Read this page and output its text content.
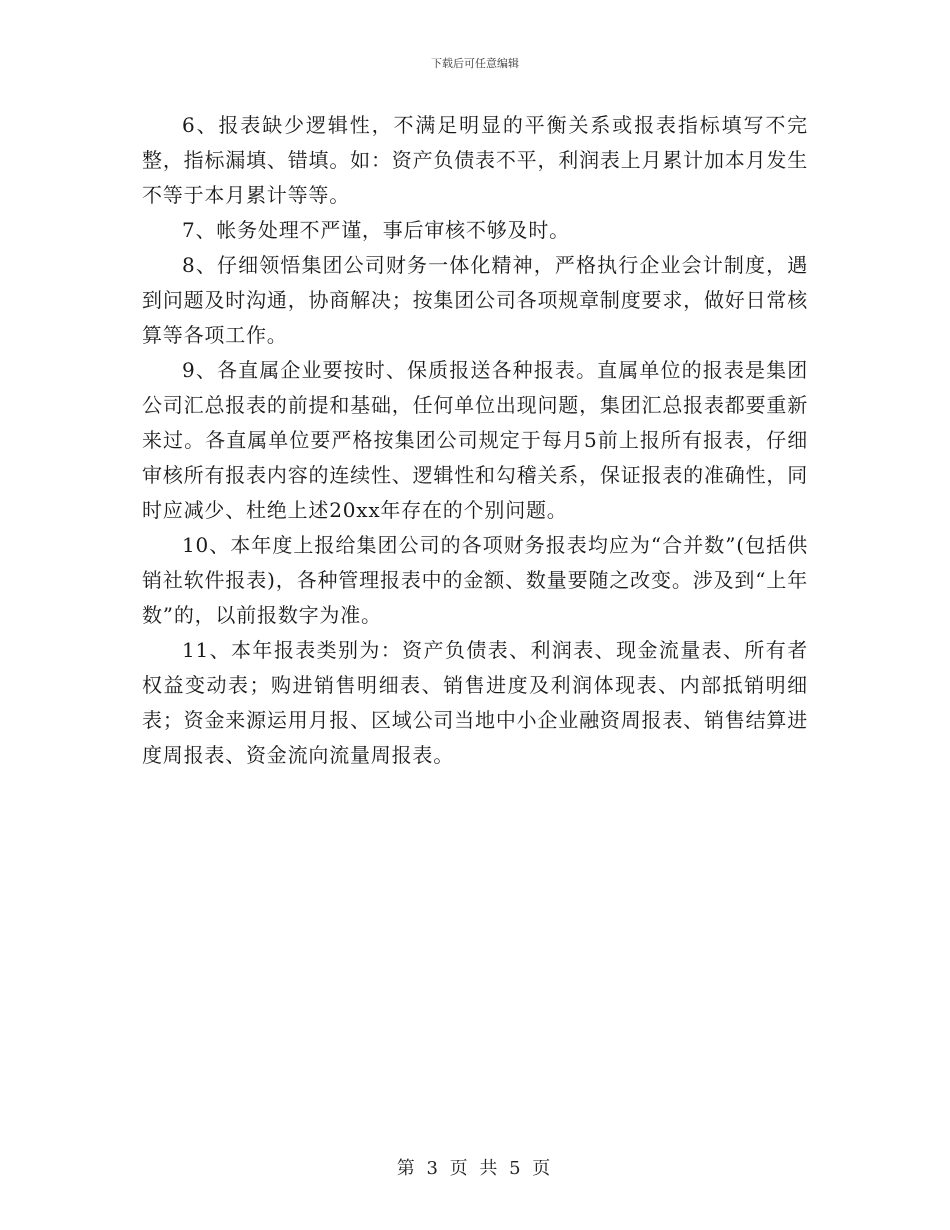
下载后可任意编辑

6、报表缺少逻辑性，不满足明显的平衡关系或报表指标填写不完整，指标漏填、错填。如：资产负债表不平，利润表上月累计加本月发生不等于本月累计等等。

7、帐务处理不严谨，事后审核不够及时。

8、仔细领悟集团公司财务一体化精神，严格执行企业会计制度，遇到问题及时沟通，协商解决；按集团公司各项规章制度要求，做好日常核算等各项工作。

9、各直属企业要按时、保质报送各种报表。直属单位的报表是集团公司汇总报表的前提和基础，任何单位出现问题，集团汇总报表都要重新来过。各直属单位要严格按集团公司规定于每月5前上报所有报表，仔细审核所有报表内容的连续性、逻辑性和勾稽关系，保证报表的准确性，同时应减少、杜绝上述20xx年存在的个别问题。

10、本年度上报给集团公司的各项财务报表均应为“合并数”(包括供销社软件报表)，各种管理报表中的金额、数量要随之改变。涉及到“上年数”的，以前报数字为准。

11、本年报表类别为：资产负债表、利润表、现金流量表、所有者权益变动表；购进销售明细表、销售进度及利润体现表、内部抵销明细表；资金来源运用月报、区域公司当地中小企业融资周报表、销售结算进度周报表、资金流向流量周报表。

第 3 页 共 5 页
